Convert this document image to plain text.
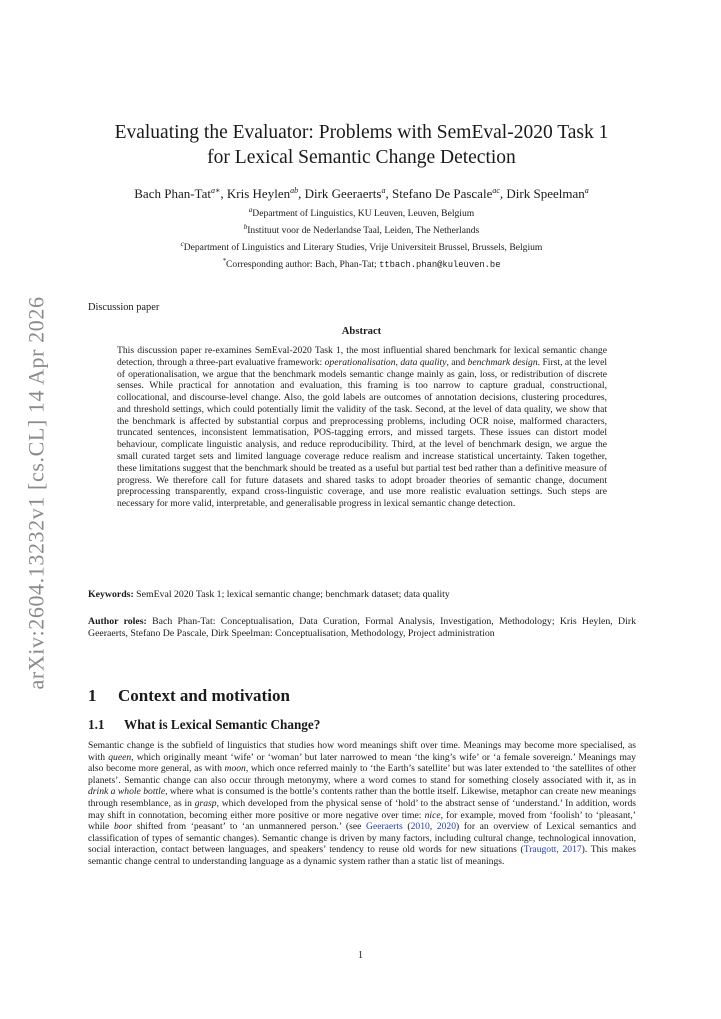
arXiv:2604.13232v1 [cs.CL] 14 Apr 2026
Evaluating the Evaluator: Problems with SemEval-2020 Task 1
for Lexical Semantic Change Detection
Bach Phan-Tat$^{a∗}$, Kris Heylen$^{ab}$, Dirk Geeraerts$^a$, Stefano De Pascale$^{ac}$, Dirk Speelman$^a$
$^a$Department of Linguistics, KU Leuven, Leuven, Belgium
$^b$Instituut voor de Nederlandse Taal, Leiden, The Netherlands
$^c$Department of Linguistics and Literary Studies, Vrije Universiteit Brussel, Brussels, Belgium
*Corresponding author: Bach, Phan-Tat; ttbach.phan@kuleuven.be
Discussion paper
Abstract
This discussion paper re-examines SemEval-2020 Task 1, the most influential shared benchmark for lexical semantic change detection, through a three-part evaluative framework: operationalisation, data quality, and benchmark design. First, at the level of operationalisation, we argue that the benchmark models semantic change mainly as gain, loss, or redistribution of discrete senses. While practical for annotation and evaluation, this framing is too narrow to capture gradual, constructional, collocational, and discourse-level change. Also, the gold labels are outcomes of annotation decisions, clustering procedures, and threshold settings, which could potentially limit the validity of the task. Second, at the level of data quality, we show that the benchmark is affected by substantial corpus and preprocessing problems, including OCR noise, malformed characters, truncated sentences, inconsistent lemmatisation, POS-tagging errors, and missed targets. These issues can distort model behaviour, complicate linguistic analysis, and reduce reproducibility. Third, at the level of benchmark design, we argue the small curated target sets and limited language coverage reduce realism and increase statistical uncertainty. Taken together, these limitations suggest that the benchmark should be treated as a useful but partial test bed rather than a definitive measure of progress. We therefore call for future datasets and shared tasks to adopt broader theories of semantic change, document preprocessing transparently, expand cross-linguistic coverage, and use more realistic evaluation settings. Such steps are necessary for more valid, interpretable, and generalisable progress in lexical semantic change detection.
Keywords: SemEval 2020 Task 1; lexical semantic change; benchmark dataset; data quality
Author roles: Bach Phan-Tat: Conceptualisation, Data Curation, Formal Analysis, Investigation, Methodology; Kris Heylen, Dirk Geeraerts, Stefano De Pascale, Dirk Speelman: Conceptualisation, Methodology, Project administration
1 Context and motivation
1.1 What is Lexical Semantic Change?
Semantic change is the subfield of linguistics that studies how word meanings shift over time. Meanings may become more specialised, as with queen, which originally meant ‘wife’ or ‘woman’ but later narrowed to mean ‘the king’s wife’ or ‘a female sovereign.’ Meanings may also become more general, as with moon, which once referred mainly to ‘the Earth’s satellite’ but was later extended to ‘the satellites of other planets’. Semantic change can also occur through metonymy, where a word comes to stand for something closely associated with it, as in drink a whole bottle, where what is consumed is the bottle’s contents rather than the bottle itself. Likewise, metaphor can create new meanings through resemblance, as in grasp, which developed from the physical sense of ‘hold’ to the abstract sense of ‘understand.’ In addition, words may shift in connotation, becoming either more positive or more negative over time: nice, for example, moved from ‘foolish’ to ‘pleasant,’ while boor shifted from ‘peasant’ to ‘an unmannered person.’ (see Geeraerts (2010, 2020) for an overview of Lexical semantics and classification of types of semantic changes). Semantic change is driven by many factors, including cultural change, technological innovation, social interaction, contact between languages, and speakers’ tendency to reuse old words for new situations (Traugott, 2017). This makes semantic change central to understanding language as a dynamic system rather than a static list of meanings.
1
